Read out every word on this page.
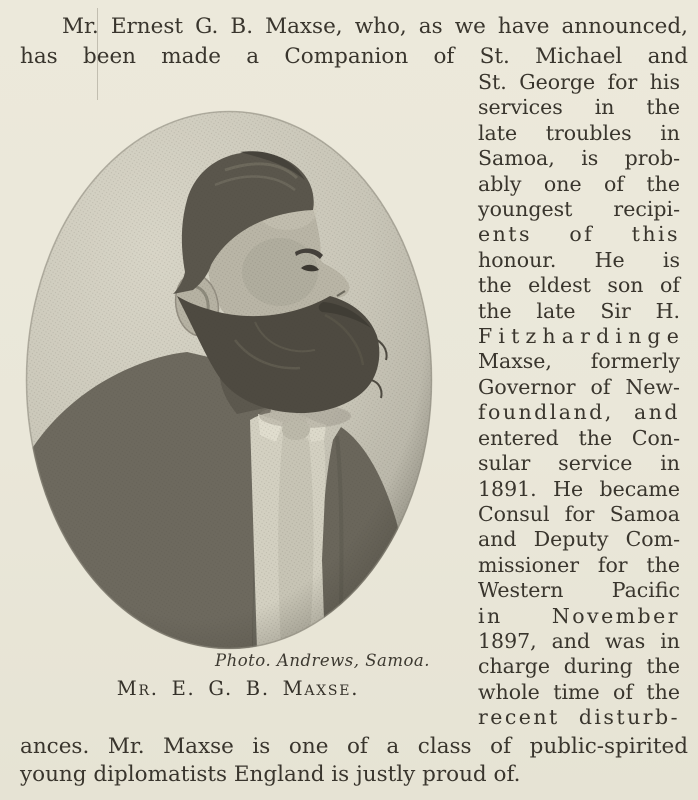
Mr. Ernest G. B. Maxse, who, as we have announced,
has been made a Companion of St. Michael and
Photo. Andrews, Samoa.
Mr. E. G. B. Maxse.
St. George for his
services in the
late troubles in
Samoa, is prob-
ably one of the
youngest recipi-
ents of this
honour. He is
the eldest son of
the late Sir H.
Fitzhardinge
Maxse, formerly
Governor of New-
foundland, and
entered the Con-
sular service in
1891. He became
Consul for Samoa
and Deputy Com-
missioner for the
Western Pacific
in November
1897, and was in
charge during the
whole time of the
recent disturb-
ances. Mr. Maxse is one of a class of public-spirited
young diplomatists England is justly proud of.
